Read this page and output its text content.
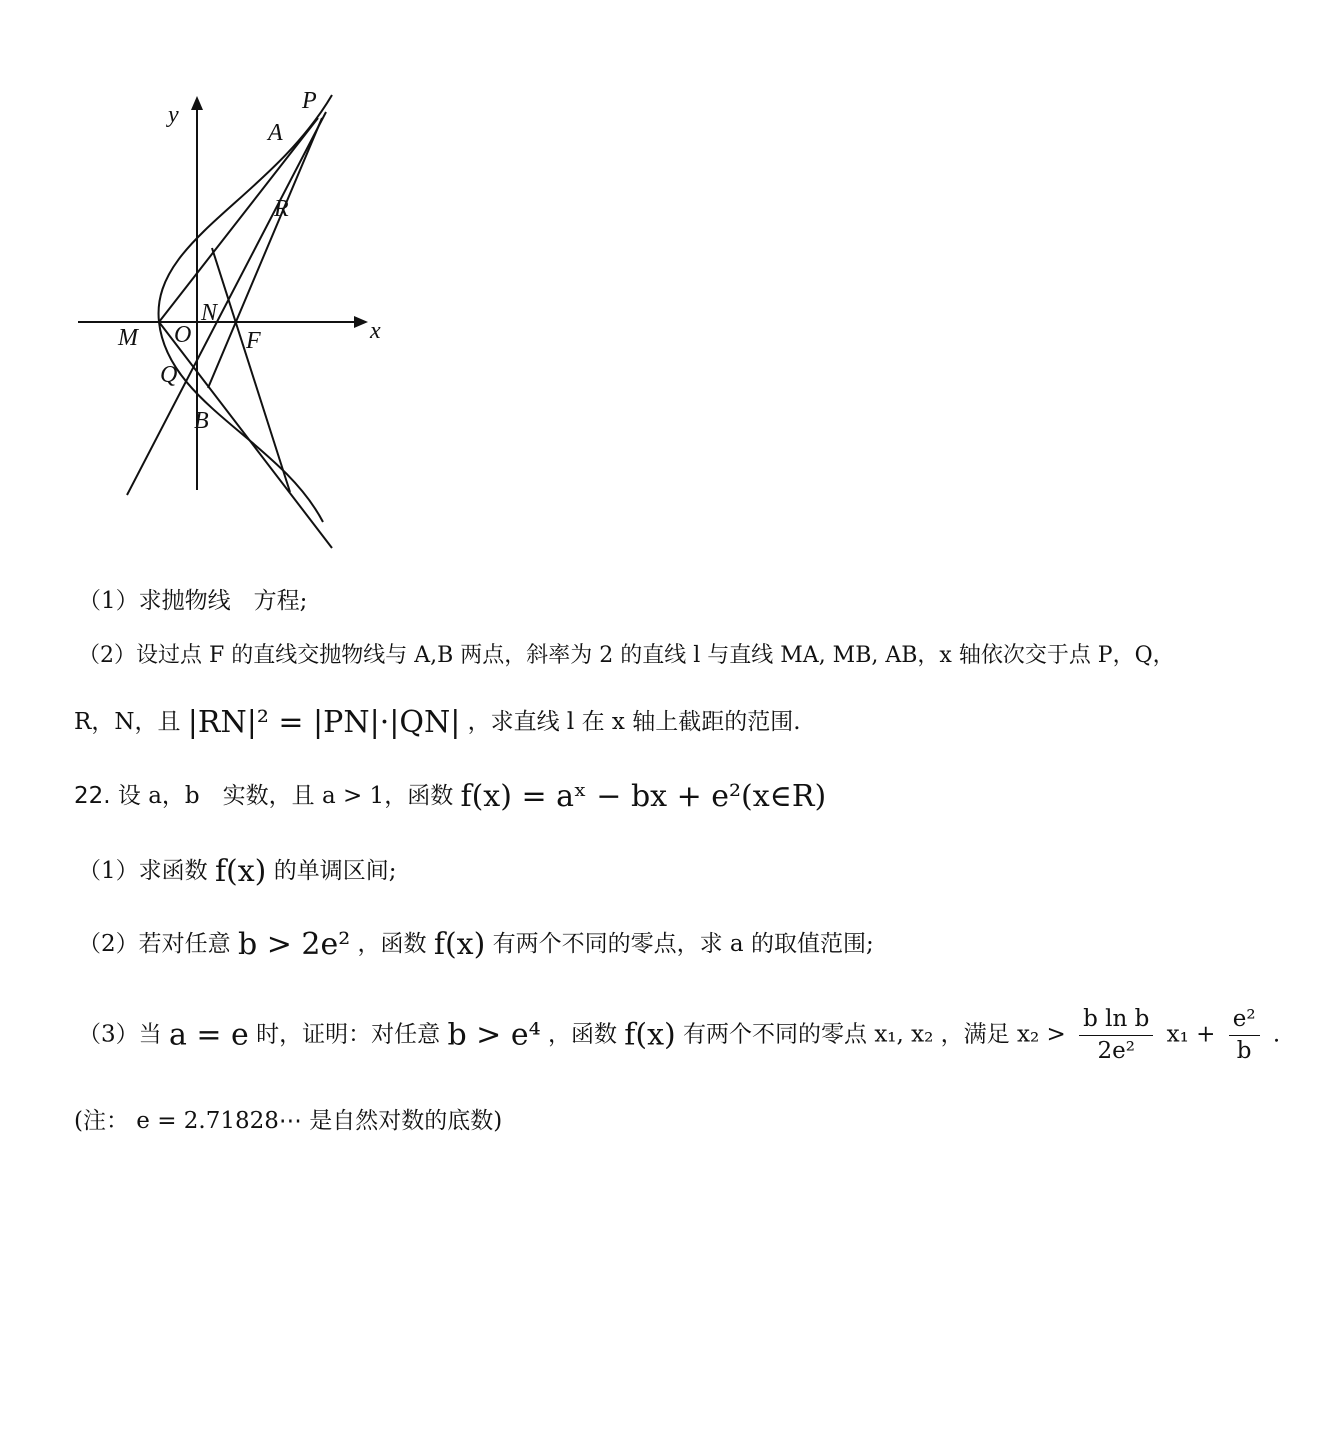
y
P
A
R
N
M O F	x
Q
B
（1）求抛物线　方程;
（2）设过点 F 的直线交抛物线与 A,B 两点，斜率为 2 的直线 l 与直线 MA, MB, AB，x 轴依次交于点 P，Q，
R，N，且 |RN|² = |PN|·|QN| ，求直线 l 在 x 轴上截距的范围.
22. 设 a，b　实数，且 a > 1，函数 f(x) = aˣ − bx + e²(x∈R)
（1）求函数 f(x) 的单调区间;
（2）若对任意 b > 2e² ，函数 f(x) 有两个不同的零点，求 a 的取值范围;
（3）当 a = e 时，证明：对任意 b > e⁴ ，函数 f(x) 有两个不同的零点 x₁, x₂ ，满足 $x_2 > \frac{\text{b ln b}}{\text{2e²}} x_1 + \frac{\text{e²}}{b}$ .
(注： e = 2.71828⋯ 是自然对数的底数)
